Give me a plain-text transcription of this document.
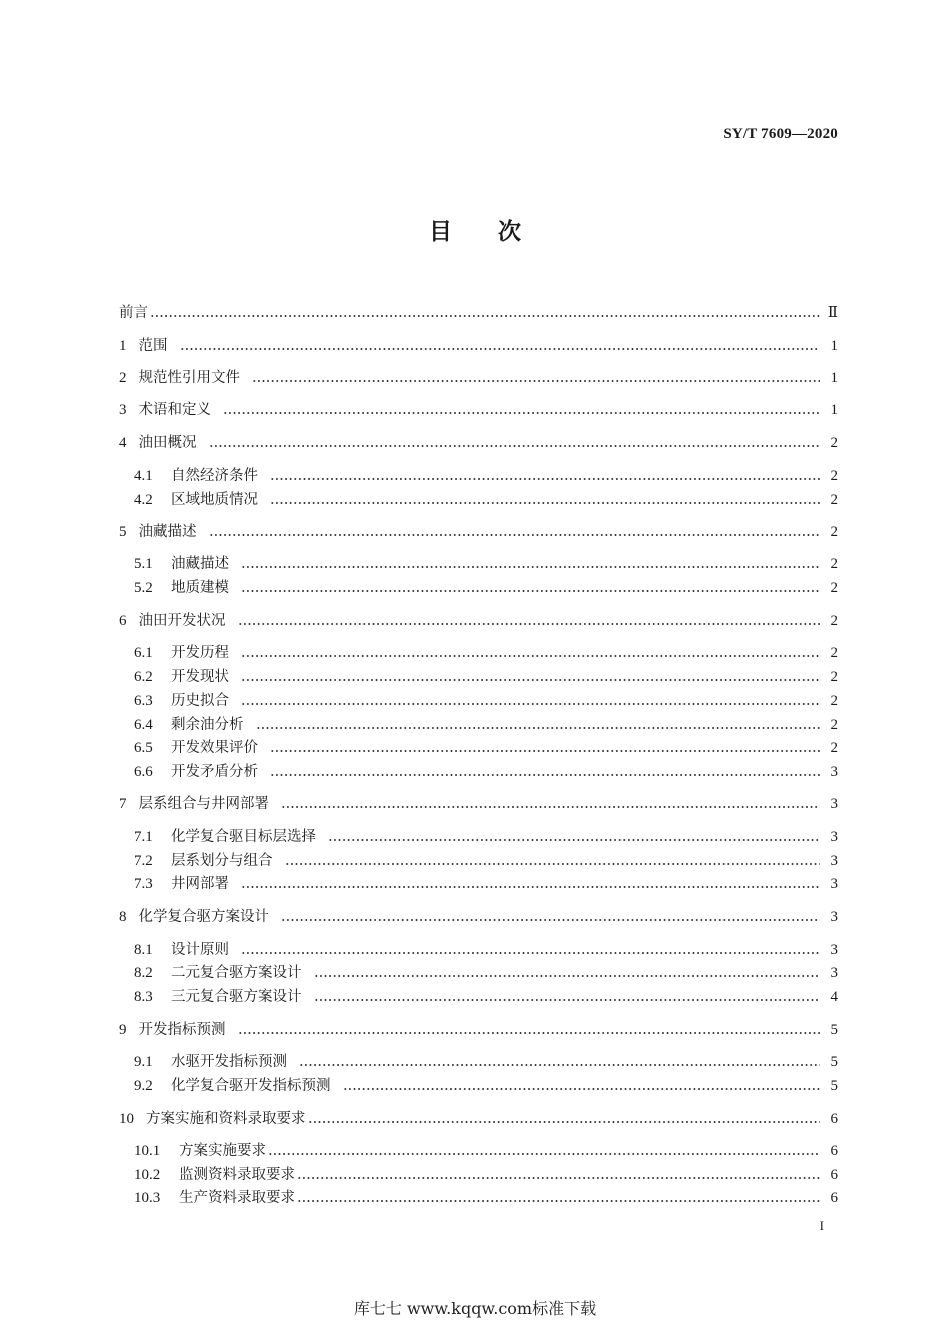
SY/T 7609—2020
目 次
前言	Ⅱ
1 范围	1
2 规范性引用文件	1
3 术语和定义	1
4 油田概况	2
4.1	自然经济条件	2
4.2	区域地质情况	2
5 油藏描述	2
5.1	油藏描述	2
5.2	地质建模	2
6 油田开发状况	2
6.1	开发历程	2
6.2	开发现状	2
6.3	历史拟合	2
6.4	剩余油分析	2
6.5	开发效果评价	2
6.6	开发矛盾分析	3
7 层系组合与井网部署	3
7.1	化学复合驱目标层选择	3
7.2	层系划分与组合	3
7.3	井网部署	3
8 化学复合驱方案设计	3
8.1	设计原则	3
8.2	二元复合驱方案设计	3
8.3	三元复合驱方案设计	4
9 开发指标预测	5
9.1	水驱开发指标预测	5
9.2	化学复合驱开发指标预测	5
10 方案实施和资料录取要求	6
10.1	方案实施要求	6
10.2	监测资料录取要求	6
10.3	生产资料录取要求	6
I
库七七 www.kqqw.com标准下载
